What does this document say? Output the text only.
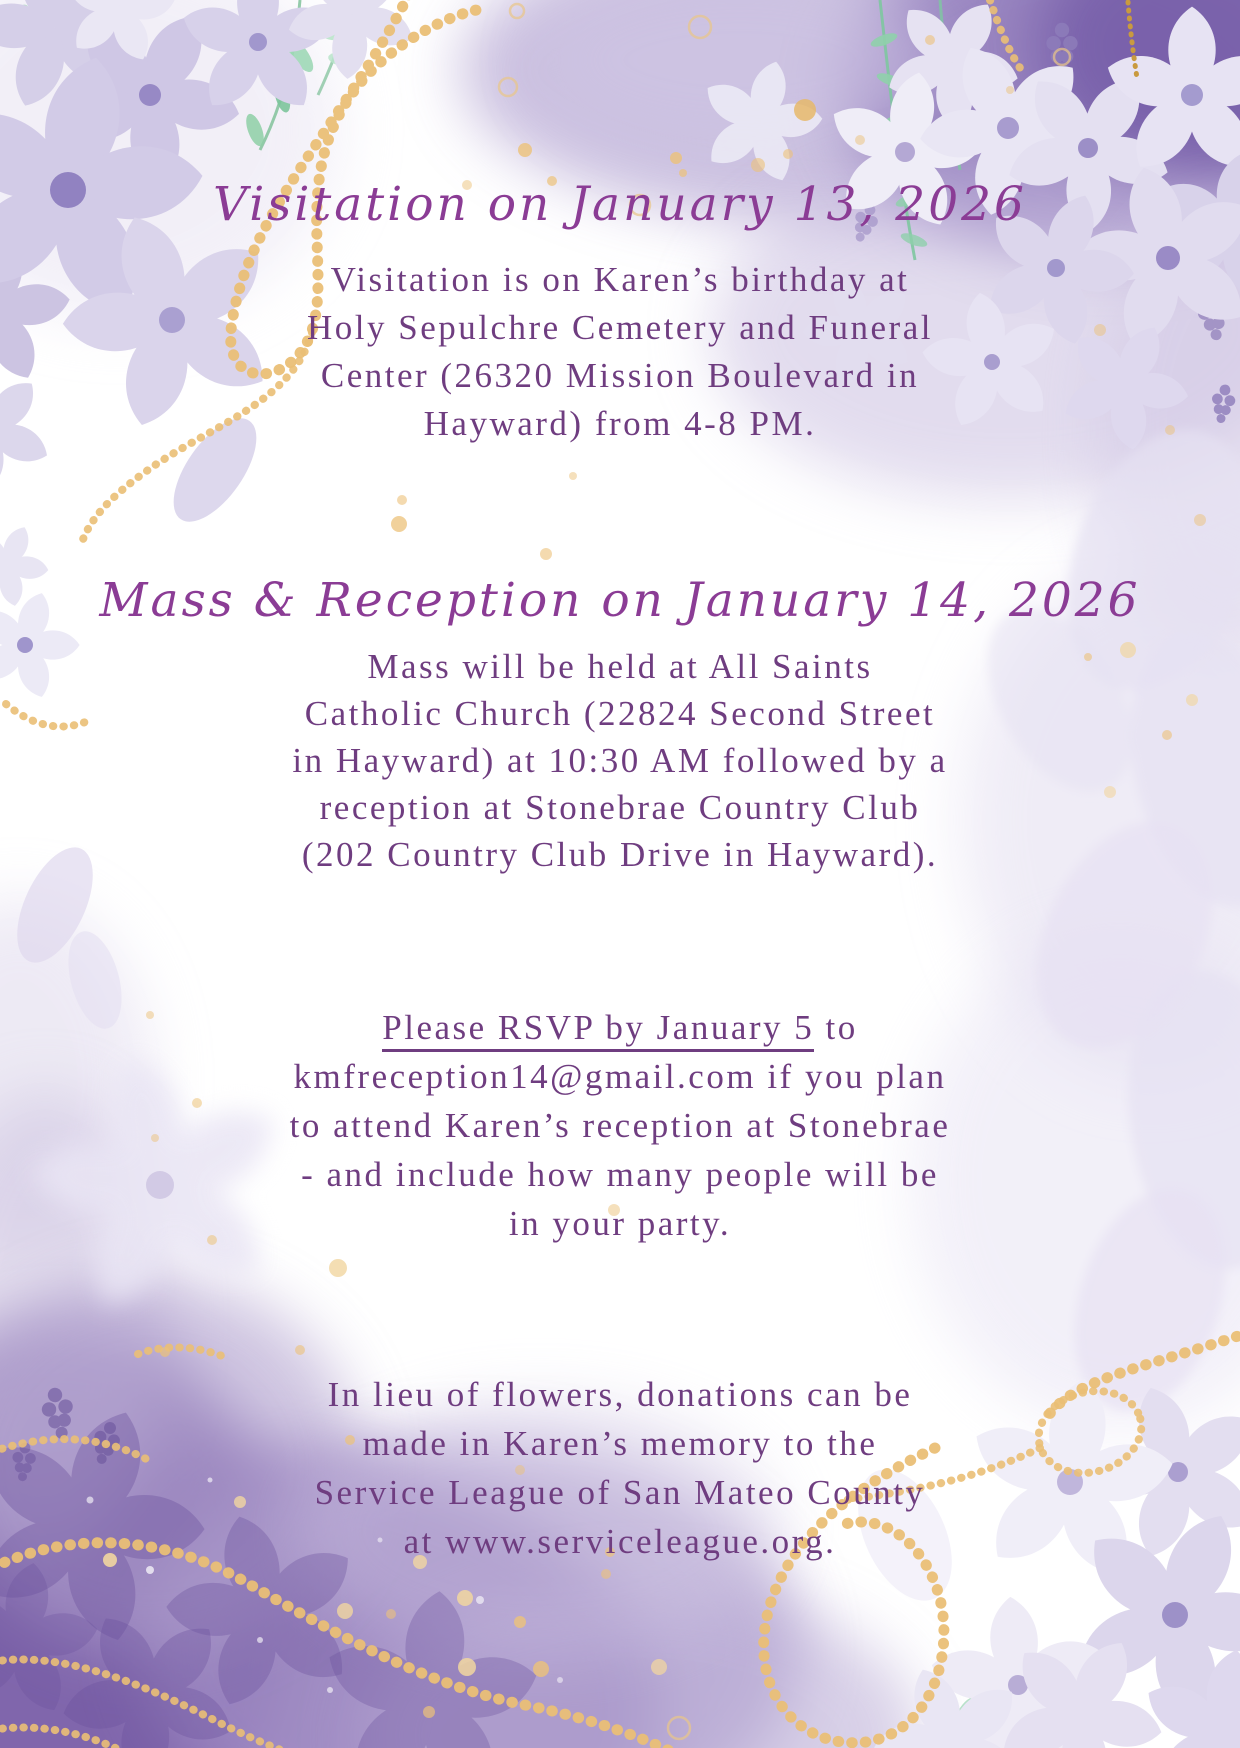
Visitation on January 13, 2026
Visitation is on Karen’s birthday at
Holy Sepulchre Cemetery and Funeral
Center (26320 Mission Boulevard in
Hayward) from 4-8 PM.
Mass & Reception on January 14, 2026
Mass will be held at All Saints
Catholic Church (22824 Second Street
in Hayward) at 10:30 AM followed by a
reception at Stonebrae Country Club
(202 Country Club Drive in Hayward).
Please RSVP by January 5 to
kmfreception14@gmail.com if you plan
to attend Karen’s reception at Stonebrae
- and include how many people will be
in your party.
In lieu of flowers, donations can be
made in Karen’s memory to the
Service League of San Mateo County
at www.serviceleague.org.
